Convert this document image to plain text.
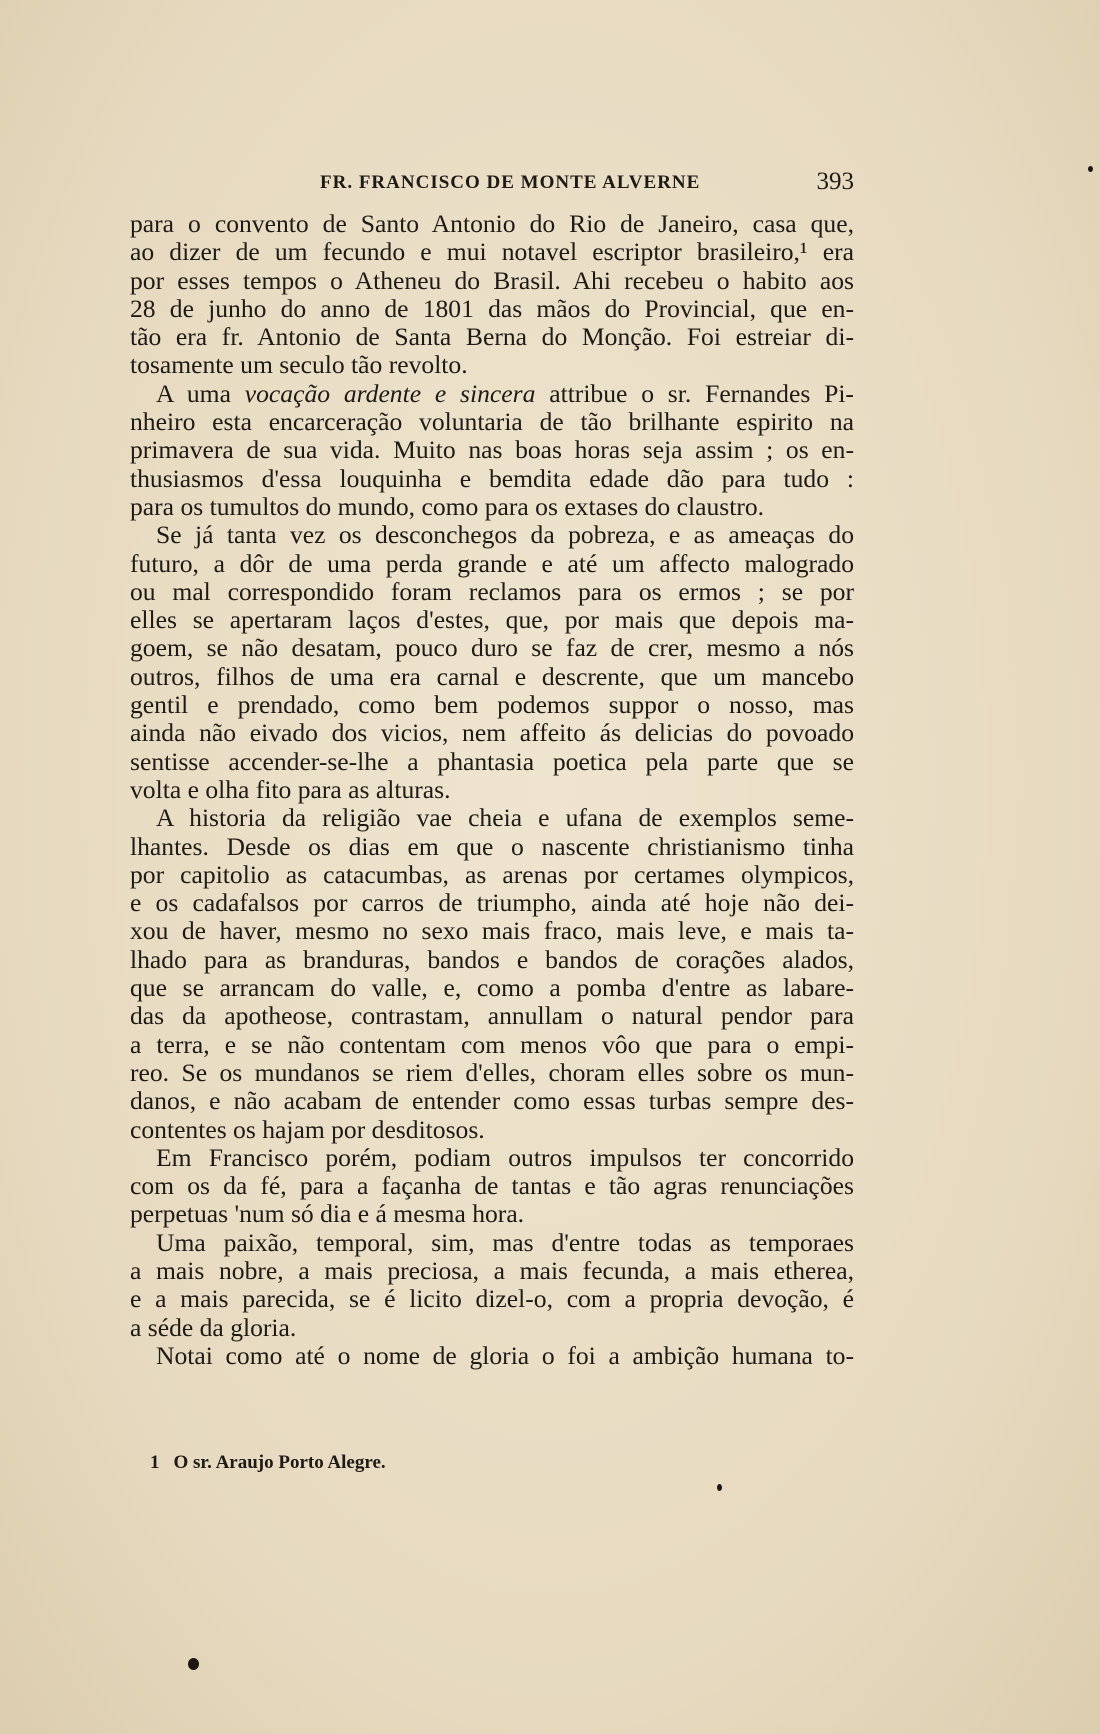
FR. FRANCISCO DE MONTE ALVERNE	393
para o convento de Santo Antonio do Rio de Janeiro, casa que,
ao dizer de um fecundo e mui notavel escriptor brasileiro,¹ era
por esses tempos o Atheneu do Brasil. Ahi recebeu o habito aos
28 de junho do anno de 1801 das mãos do Provincial, que en-
tão era fr. Antonio de Santa Berna do Monção. Foi estreiar di-
tosamente um seculo tão revolto.
A uma vocação ardente e sincera attribue o sr. Fernandes Pi-
nheiro esta encarceração voluntaria de tão brilhante espirito na
primavera de sua vida. Muito nas boas horas seja assim ; os en-
thusiasmos d'essa louquinha e bemdita edade dão para tudo :
para os tumultos do mundo, como para os extases do claustro.
Se já tanta vez os desconchegos da pobreza, e as ameaças do
futuro, a dôr de uma perda grande e até um affecto malogrado
ou mal correspondido foram reclamos para os ermos ; se por
elles se apertaram laços d'estes, que, por mais que depois ma-
goem, se não desatam, pouco duro se faz de crer, mesmo a nós
outros, filhos de uma era carnal e descrente, que um mancebo
gentil e prendado, como bem podemos suppor o nosso, mas
ainda não eivado dos vicios, nem affeito ás delicias do povoado
sentisse accender-se-lhe a phantasia poetica pela parte que se
volta e olha fito para as alturas.
A historia da religião vae cheia e ufana de exemplos seme-
lhantes. Desde os dias em que o nascente christianismo tinha
por capitolio as catacumbas, as arenas por certames olympicos,
e os cadafalsos por carros de triumpho, ainda até hoje não dei-
xou de haver, mesmo no sexo mais fraco, mais leve, e mais ta-
lhado para as branduras, bandos e bandos de corações alados,
que se arrancam do valle, e, como a pomba d'entre as labare-
das da apotheose, contrastam, annullam o natural pendor para
a terra, e se não contentam com menos vôo que para o empi-
reo. Se os mundanos se riem d'elles, choram elles sobre os mun-
danos, e não acabam de entender como essas turbas sempre des-
contentes os hajam por desditosos.
Em Francisco porém, podiam outros impulsos ter concorrido
com os da fé, para a façanha de tantas e tão agras renunciações
perpetuas 'num só dia e á mesma hora.
Uma paixão, temporal, sim, mas d'entre todas as temporaes
a mais nobre, a mais preciosa, a mais fecunda, a mais etherea,
e a mais parecida, se é licito dizel-o, com a propria devoção, é
a séde da gloria.
Notai como até o nome de gloria o foi a ambição humana to-
1 O sr. Araujo Porto Alegre.
